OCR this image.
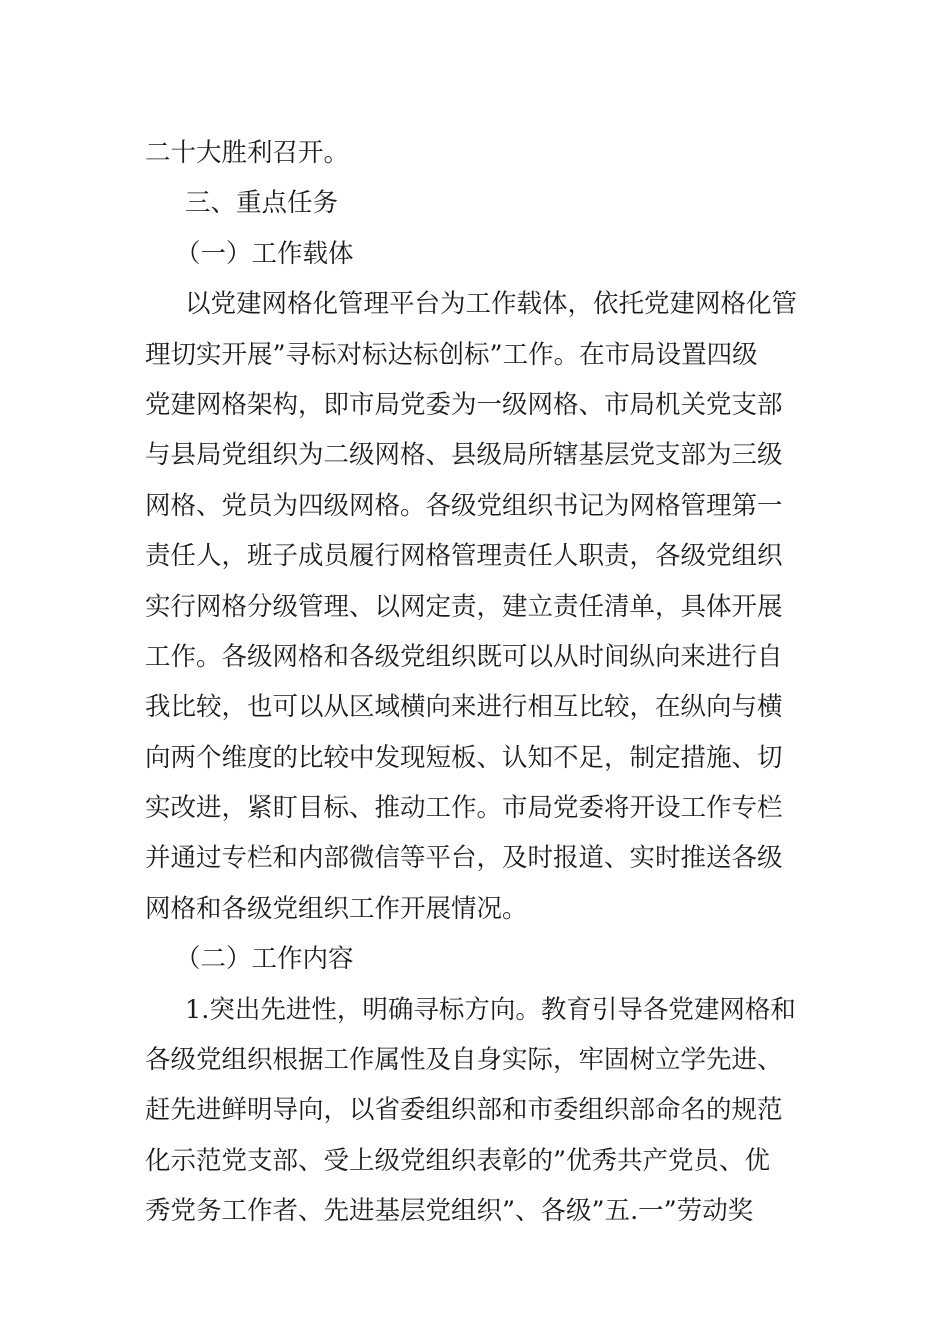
二十大胜利召开。
三、重点任务
（一）工作载体
以党建网格化管理平台为工作载体，依托党建网格化管
理切实开展”寻标对标达标创标”工作。在市局设置四级
党建网格架构，即市局党委为一级网格、市局机关党支部
与县局党组织为二级网格、县级局所辖基层党支部为三级
网格、党员为四级网格。各级党组织书记为网格管理第一
责任人，班子成员履行网格管理责任人职责，各级党组织
实行网格分级管理、以网定责，建立责任清单，具体开展
工作。各级网格和各级党组织既可以从时间纵向来进行自
我比较，也可以从区域横向来进行相互比较，在纵向与横
向两个维度的比较中发现短板、认知不足，制定措施、切
实改进，紧盯目标、推动工作。市局党委将开设工作专栏
并通过专栏和内部微信等平台，及时报道、实时推送各级
网格和各级党组织工作开展情况。
（二）工作内容
1.突出先进性，明确寻标方向。教育引导各党建网格和
各级党组织根据工作属性及自身实际，牢固树立学先进、
赶先进鲜明导向，以省委组织部和市委组织部命名的规范
化示范党支部、受上级党组织表彰的”优秀共产党员、优
秀党务工作者、先进基层党组织”、各级”五.一”劳动奖
